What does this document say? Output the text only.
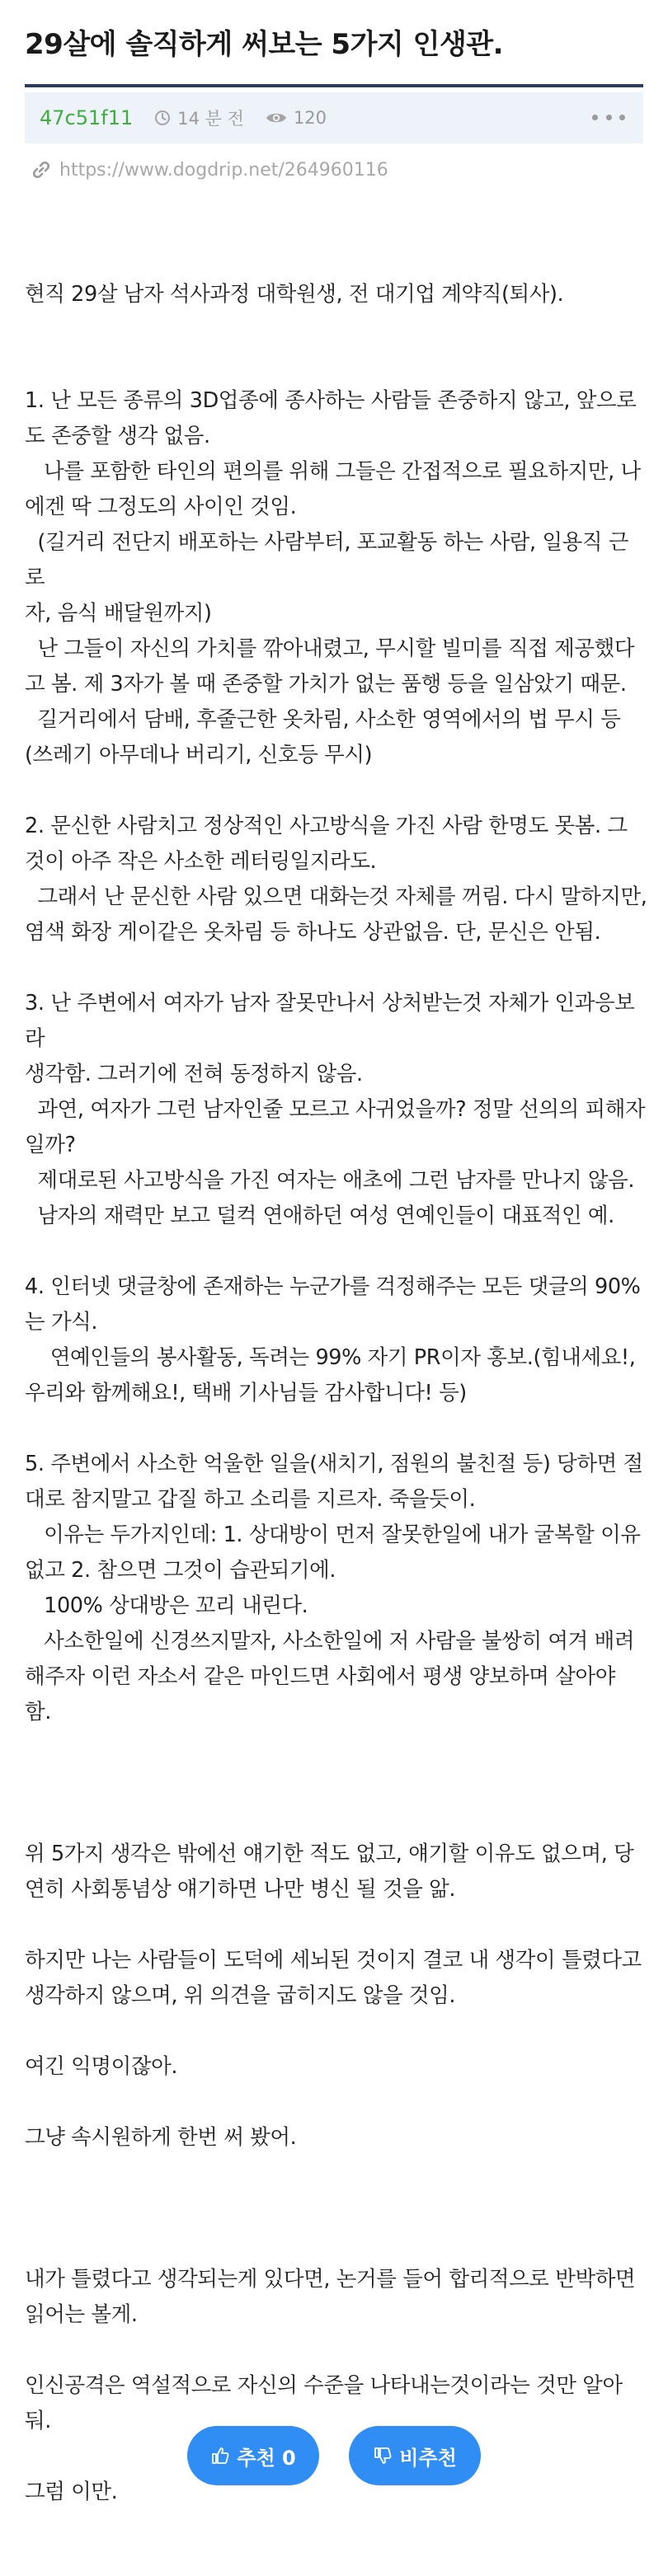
29살에 솔직하게 써보는 5가지 인생관.
47c51f11	14 분 전	120
https://www.dogdrip.net/264960116

현직 29살 남자 석사과정 대학원생, 전 대기업 계약직(퇴사).

1. 난 모든 종류의 3D업종에 종사하는 사람들 존중하지 않고, 앞으로

도 존중할 생각 없음.

나를 포함한 타인의 편의를 위해 그들은 간접적으로 필요하지만, 나

에겐 딱 그정도의 사이인 것임.

(길거리 전단지 배포하는 사람부터, 포교활동 하는 사람, 일용직 근로

자, 음식 배달원까지)

난 그들이 자신의 가치를 깎아내렸고, 무시할 빌미를 직접 제공했다

고 봄. 제 3자가 볼 때 존중할 가치가 없는 품행 등을 일삼았기 때문.

길거리에서 담배, 후줄근한 옷차림, 사소한 영역에서의 법 무시 등

(쓰레기 아무데나 버리기, 신호등 무시)

2. 문신한 사람치고 정상적인 사고방식을 가진 사람 한명도 못봄. 그

것이 아주 작은 사소한 레터링일지라도.

그래서 난 문신한 사람 있으면 대화는것 자체를 꺼림. 다시 말하지만,

염색 화장 게이같은 옷차림 등 하나도 상관없음. 단, 문신은 안됨.

3. 난 주변에서 여자가 남자 잘못만나서 상처받는것 자체가 인과응보라

생각함. 그러기에 전혀 동정하지 않음.

과연, 여자가 그런 남자인줄 모르고 사귀었을까? 정말 선의의 피해자

일까?

제대로된 사고방식을 가진 여자는 애초에 그런 남자를 만나지 않음.

남자의 재력만 보고 덜컥 연애하던 여성 연예인들이 대표적인 예.

4. 인터넷 댓글창에 존재하는 누군가를 걱정해주는 모든 댓글의 90%

는 가식.

연예인들의 봉사활동, 독려는 99% 자기 PR이자 홍보.(힘내세요!,

우리와 함께해요!, 택배 기사님들 감사합니다! 등)

5. 주변에서 사소한 억울한 일을(새치기, 점원의 불친절 등) 당하면 절

대로 참지말고 갑질 하고 소리를 지르자. 죽을듯이.

이유는 두가지인데: 1. 상대방이 먼저 잘못한일에 내가 굴복할 이유

없고 2. 참으면 그것이 습관되기에.

100% 상대방은 꼬리 내린다.

사소한일에 신경쓰지말자, 사소한일에 저 사람을 불쌍히 여겨 배려

해주자 이런 자소서 같은 마인드면 사회에서 평생 양보하며 살아야

함.

위 5가지 생각은 밖에선 얘기한 적도 없고, 얘기할 이유도 없으며, 당

연히 사회통념상 얘기하면 나만 병신 될 것을 앎.

하지만 나는 사람들이 도덕에 세뇌된 것이지 결코 내 생각이 틀렸다고

생각하지 않으며, 위 의견을 굽히지도 않을 것임.

여긴 익명이잖아.

그냥 속시원하게 한번 써 봤어.

내가 틀렸다고 생각되는게 있다면, 논거를 들어 합리적으로 반박하면

읽어는 볼게.

인신공격은 역설적으로 자신의 수준을 나타내는것이라는 것만 알아

둬.

그럼 이만.

추천 0	비추천
